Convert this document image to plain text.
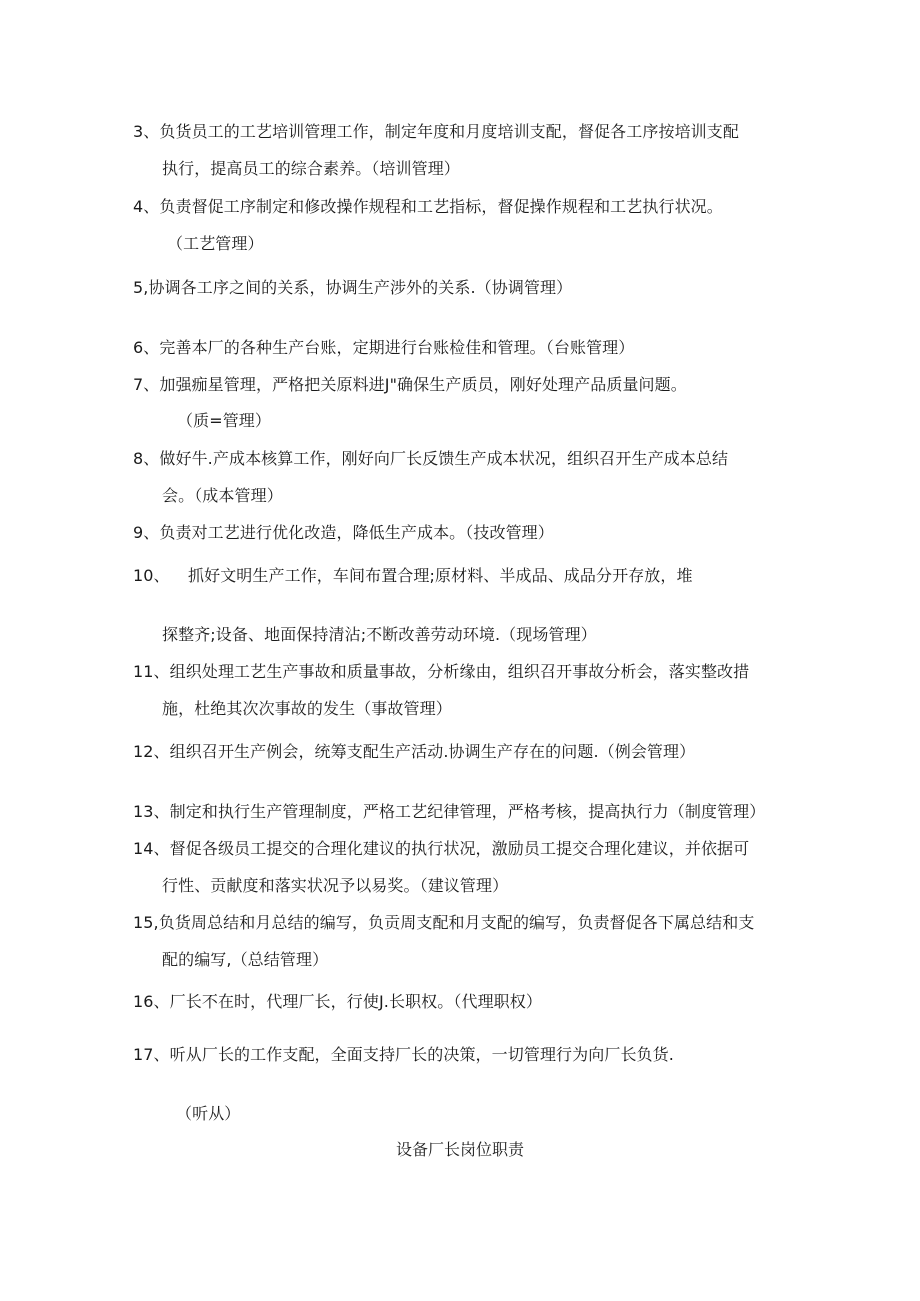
3、负货员工的工艺培训管理工作，制定年度和月度培训支配，督促各工序按培训支配
执行，提高员工的综合素养。（培训管理）
4、负责督促工序制定和修改操作规程和工艺指标，督促操作规程和工艺执行状况。
（工艺管理）
5,协调各工序之间的关系，协调生产涉外的关系.（协调管理）
6、完善本厂的各种生产台账，定期进行台账检佳和管理。（台账管理）
7、加强痂星管理，严格把关原料进J"确保生产质员，刚好处理产品质量问题。
（质=管理）
8、做好牛.产成本核算工作，刚好向厂长反馈生产成本状况，组织召开生产成本总结
会。（成本管理）
9、负责对工艺进行优化改造，降低生产成本。（技改管理）
10、 抓好文明生产工作，车间布置合理;原材料、半成品、成品分开存放，堆
探整齐;设备、地面保持清沾;不断改善劳动环境.（现场管理）
11、组织处理工艺生产事故和质量事故，分析缘由，组织召开事故分析会，落实整改措
施，杜绝其次次事故的发生（事故管理）
12、组织召开生产例会，统筹支配生产活动.协调生产存在的问题.（例会管理）
13、制定和执行生产管理制度，严格工艺纪律管理，严格考核，提高执行力（制度管理）
14、督促各级员工提交的合理化建议的执行状况，激励员工提交合理化建议，并依据可
行性、贡献度和落实状况予以易奖。（建议管理）
15,负货周总结和月总结的编写，负贡周支配和月支配的编写，负责督促各下属总结和支
配的编写,（总结管理）
16、厂长不在时，代理厂长，行使J.长职权。（代理职权）
17、听从厂长的工作支配，全面支持厂长的决策，一切管理行为向厂长负货.
（听从）
设备厂长岗位职责
